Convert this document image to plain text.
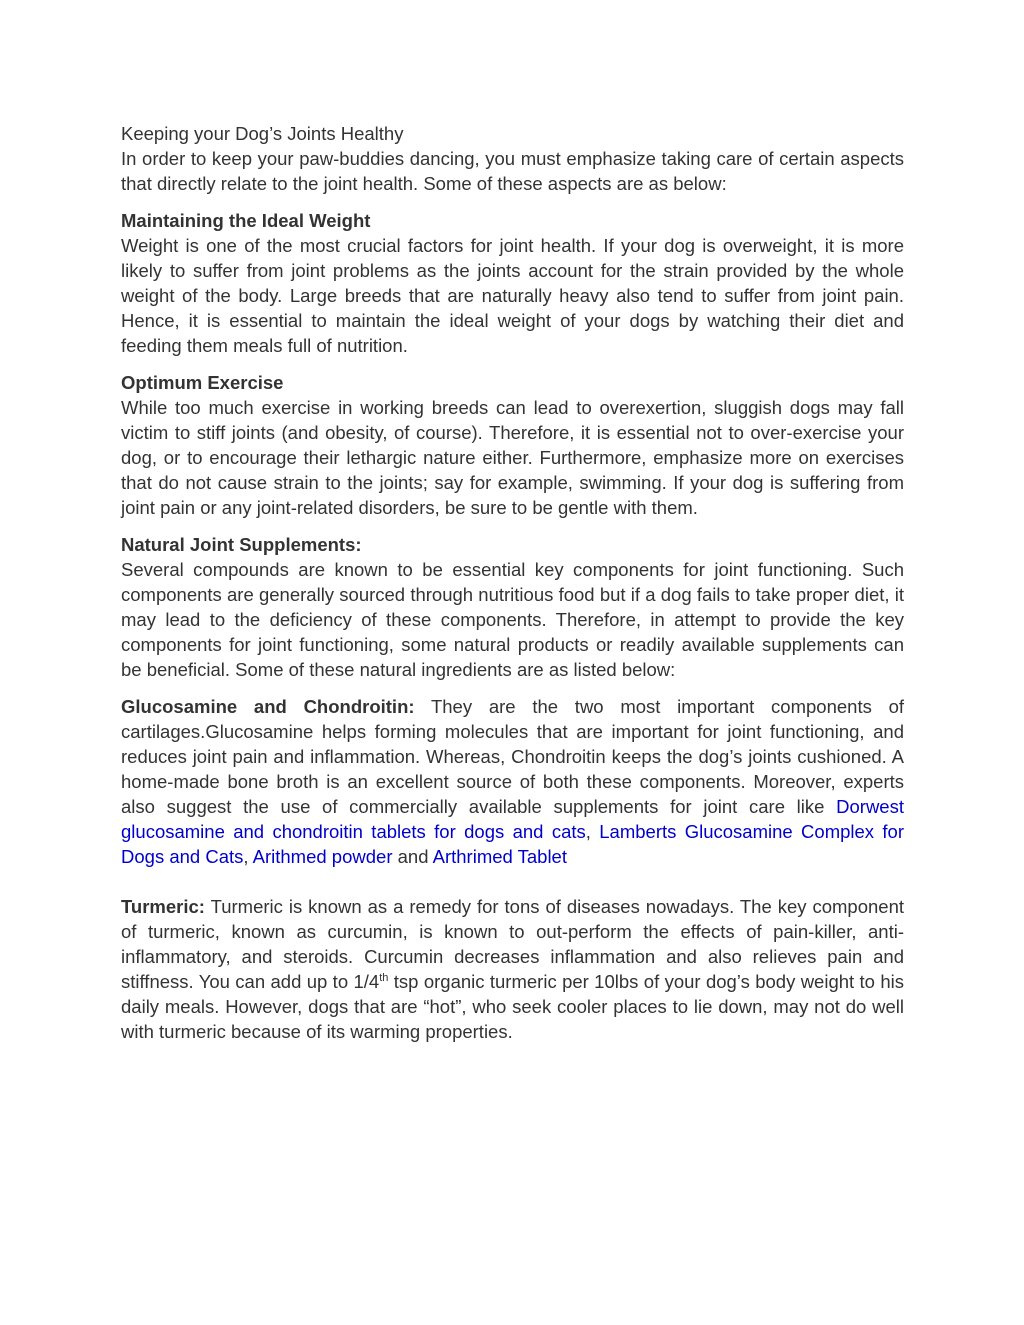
Keeping your Dog’s Joints Healthy

In order to keep your paw-buddies dancing, you must emphasize taking care of certain aspects that directly relate to the joint health. Some of these aspects are as below:

Maintaining the Ideal Weight

Weight is one of the most crucial factors for joint health. If your dog is overweight, it is more likely to suffer from joint problems as the joints account for the strain provided by the whole weight of the body. Large breeds that are naturally heavy also tend to suffer from joint pain. Hence, it is essential to maintain the ideal weight of your dogs by watching their diet and feeding them meals full of nutrition.

Optimum Exercise

While too much exercise in working breeds can lead to overexertion, sluggish dogs may fall victim to stiff joints (and obesity, of course). Therefore, it is essential not to over-exercise your dog, or to encourage their lethargic nature either. Furthermore, emphasize more on exercises that do not cause strain to the joints; say for example, swimming. If your dog is suffering from joint pain or any joint-related disorders, be sure to be gentle with them.

Natural Joint Supplements:

Several compounds are known to be essential key components for joint functioning. Such components are generally sourced through nutritious food but if a dog fails to take proper diet, it may lead to the deficiency of these components. Therefore, in attempt to provide the key components for joint functioning, some natural products or readily available supplements can be beneficial. Some of these natural ingredients are as listed below:

Glucosamine and Chondroitin: They are the two most important components of cartilages.Glucosamine helps forming molecules that are important for joint functioning, and reduces joint pain and inflammation. Whereas, Chondroitin keeps the dog’s joints cushioned. A home-made bone broth is an excellent source of both these components. Moreover, experts also suggest the use of commercially available supplements for joint care like Dorwest glucosamine and chondroitin tablets for dogs and cats, Lamberts Glucosamine Complex for Dogs and Cats, Arithmed powder and Arthrimed Tablet

Turmeric: Turmeric is known as a remedy for tons of diseases nowadays. The key component of turmeric, known as curcumin, is known to out-perform the effects of pain-killer, anti-inflammatory, and steroids. Curcumin decreases inflammation and also relieves pain and stiffness. You can add up to 1/4th tsp organic turmeric per 10lbs of your dog’s body weight to his daily meals. However, dogs that are “hot”, who seek cooler places to lie down, may not do well with turmeric because of its warming properties.
